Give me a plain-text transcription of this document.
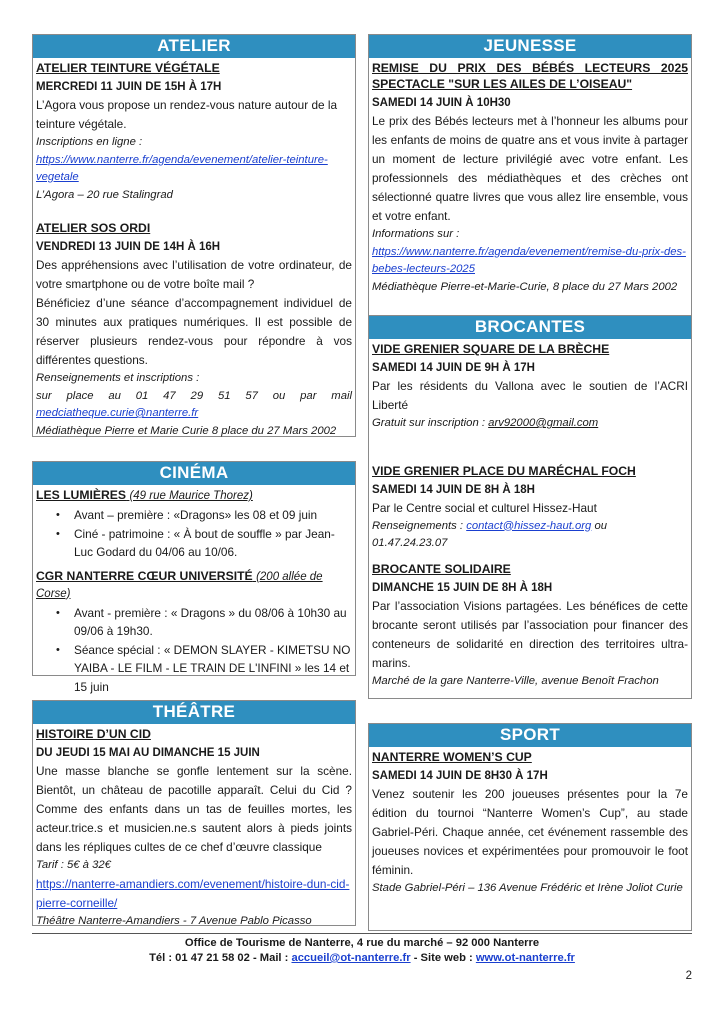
ATELIER
ATELIER TEINTURE VÉGÉTALE
MERCREDI 11 JUIN DE 15H À 17H
L’Agora vous propose un rendez-vous nature autour de la teinture végétale.
Inscriptions en ligne :
https://www.nanterre.fr/agenda/evenement/atelier-teinture-vegetale
L’Agora – 20 rue Stalingrad
ATELIER SOS ORDI
VENDREDI 13 JUIN DE 14H À 16H
Des appréhensions avec l’utilisation de votre ordinateur, de votre smartphone ou de votre boîte mail ?
Bénéficiez d’une séance d’accompagnement individuel de 30 minutes aux pratiques numériques. Il est possible de réserver plusieurs rendez-vous pour répondre à vos différentes questions.
Renseignements et inscriptions :
sur place au 01 47 29 51 57 ou par mail
medciatheque.curie@nanterre.fr
Médiathèque Pierre et Marie Curie 8 place du 27 Mars 2002
CINÉMA
LES LUMIÈRES (49 rue Maurice Thorez)
• Avant – première : «Dragons» les 08 et 09 juin
• Ciné - patrimoine : « À bout de souffle » par Jean-Luc Godard du 04/06 au 10/06.
CGR NANTERRE CŒUR UNIVERSITÉ (200 allée de Corse)
• Avant - première : « Dragons » du 08/06 à 10h30 au 09/06 à 19h30.
• Séance spécial : « DEMON SLAYER - KIMETSU NO YAIBA - LE FILM - LE TRAIN DE L'INFINI » les 14 et 15 juin
THÉÂTRE
HISTOIRE D’UN CID
DU JEUDI 15 MAI AU DIMANCHE 15 JUIN
Une masse blanche se gonfle lentement sur la scène. Bientôt, un château de pacotille apparaît. Celui du Cid ? Comme des enfants dans un tas de feuilles mortes, les acteur.trice.s et musicien.ne.s sautent alors à pieds joints dans les répliques cultes de ce chef d’œuvre classique
Tarif : 5€ à 32€
https://nanterre-amandiers.com/evenement/histoire-dun-cid-pierre-corneille/
Théâtre Nanterre-Amandiers - 7 Avenue Pablo Picasso
JEUNESSE
REMISE DU PRIX DES BÉBÉS LECTEURS 2025
SPECTACLE "SUR LES AILES DE L’OISEAU"
SAMEDI 14 JUIN À 10H30
Le prix des Bébés lecteurs met à l’honneur les albums pour les enfants de moins de quatre ans et vous invite à partager un moment de lecture privilégié avec votre enfant. Les professionnels des médiathèques et des crèches ont sélectionné quatre livres que vous allez lire ensemble, vous et votre enfant.
Informations sur :
https://www.nanterre.fr/agenda/evenement/remise-du-prix-des-bebes-lecteurs-2025
Médiathèque Pierre-et-Marie-Curie, 8 place du 27 Mars 2002
BROCANTES
VIDE GRENIER SQUARE DE LA BRÈCHE
SAMEDI 14 JUIN DE 9H À 17H
Par les résidents du Vallona avec le soutien de l’ACRI Liberté
Gratuit sur inscription : arv92000@gmail.com
VIDE GRENIER PLACE DU MARÉCHAL FOCH
SAMEDI 14 JUIN DE 8H À 18H
Par le Centre social et culturel Hissez-Haut
Renseignements : contact@hissez-haut.org ou
01.47.24.23.07
BROCANTE SOLIDAIRE
DIMANCHE 15 JUIN DE 8H À 18H
Par l’association Visions partagées. Les bénéfices de cette brocante seront utilisés par l’association pour financer des conteneurs de solidarité en direction des territoires ultra-marins.
Marché de la gare Nanterre-Ville, avenue Benoît Frachon
SPORT
NANTERRE WOMEN’S CUP
SAMEDI 14 JUIN DE 8H30 À 17H
Venez soutenir les 200 joueuses présentes pour la 7e édition du tournoi “Nanterre Women’s Cup”, au stade Gabriel-Péri. Chaque année, cet événement rassemble des joueuses novices et expérimentées pour promouvoir le foot féminin.
Stade Gabriel-Péri – 136 Avenue Frédéric et Irène Joliot Curie
Office de Tourisme de Nanterre, 4 rue du marché – 92 000 Nanterre
Tél : 01 47 21 58 02 - Mail : accueil@ot-nanterre.fr - Site web : www.ot-nanterre.fr
2
